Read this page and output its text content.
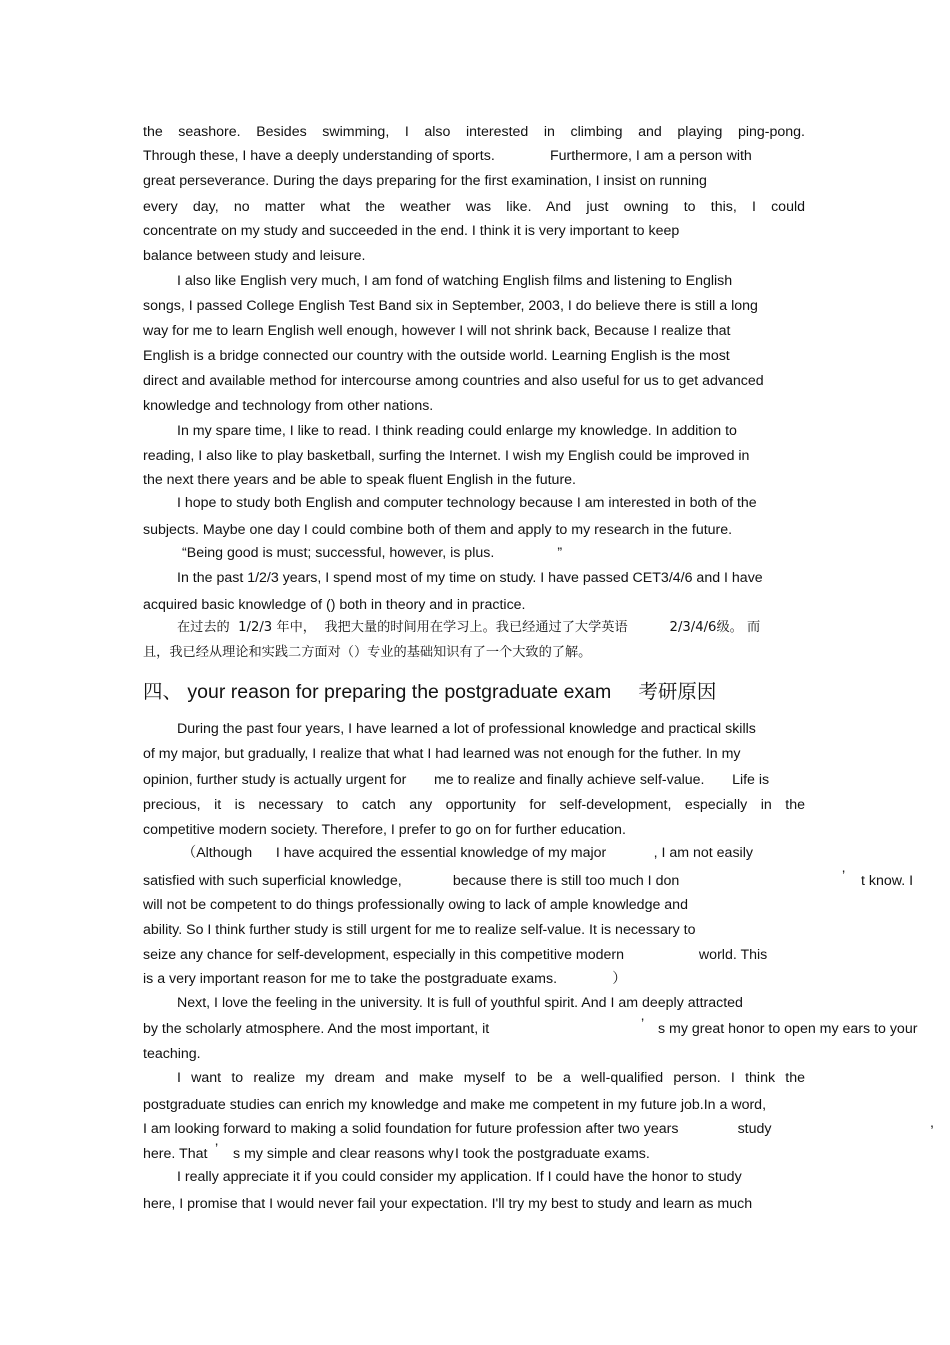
the seashore. Besides swimming, I also interested in climbing and playing ping-pong.
Through these, I have a deeply understanding of sports.              Furthermore, I am a person with
great perseverance. During the days preparing for the first examination, I insist on running
every day, no matter what the weather was like. And just owning to this, I could
concentrate on my study and succeeded in the end. I think it is very important to keep
balance between study and leisure.
I also like English very much, I am fond of watching English films and listening to English
songs, I passed College English Test Band six in September, 2003, I do believe there is still a long
way for me to learn English well enough, however I will not shrink back, Because I realize that
English is a bridge connected our country with the outside world. Learning English is the most
direct and available method for intercourse among countries and also useful for us to get advanced
knowledge and technology from other nations.
In my spare time, I like to read. I think reading could enlarge my knowledge. In addition to
reading, I also like to play basketball, surfing the Internet. I wish my English could be improved in
the next there years and be able to speak fluent English in the future.
I hope to study both English and computer technology because I am interested in both of the
subjects. Maybe one day I could combine both of them and apply to my research in the future.
“Being good is must; successful, however, is plus.                ”
In the past 1/2/3 years, I spend most of my time on study. I have passed CET3/4/6 and I have
acquired basic knowledge of () both in theory and in practice.
在过去的  1/2/3 年中，  我把大量的时间用在学习上。我已经通过了大学英语          2/3/4/6级。 而
且，我已经从理论和实践二方面对（）专业的基础知识有了一个大致的了解。
四、 your reason for preparing the postgraduate exam     考研原因
During the past four years, I have learned a lot of professional knowledge and practical skills
of my major, but gradually, I realize that what I had learned was not enough for the futher. In my
opinion, further study is actually urgent for       me to realize and finally achieve self-value.       Life is
precious, it is necessary to catch any opportunity for self-development, especially in the
competitive modern society. Therefore, I prefer to go on for further education.
（Although      I have acquired the essential knowledge of my major            , I am not easily
satisfied with such superficial knowledge,             because there is still too much I don	’ t know. I
will not be competent to do things professionally owing to lack of ample knowledge and
ability. So I think further study is still urgent for me to realize self-value. It is necessary to
seize any chance for self-development, especially in this competitive modern                   world. This
is a very important reason for me to take the postgraduate exams.              ）
Next, I love the feeling in the university. It is full of youthful spirit. And I am deeply attracted
by the scholarly atmosphere. And the most important, it	’ s my great honor to open my ears to your
teaching.
I want to realize my dream and make myself to be a well-qualified person. I think the
postgraduate studies can enrich my knowledge and make me competent in my future job.In a word,
I am looking forward to making a solid foundation for future profession after two years               study	,
here. That ’ s my simple and clear reasons why I took the postgraduate exams.
I really appreciate it if you could consider my application. If I could have the honor to study
here, I promise that I would never fail your expectation. I'll try my best to study and learn as much
